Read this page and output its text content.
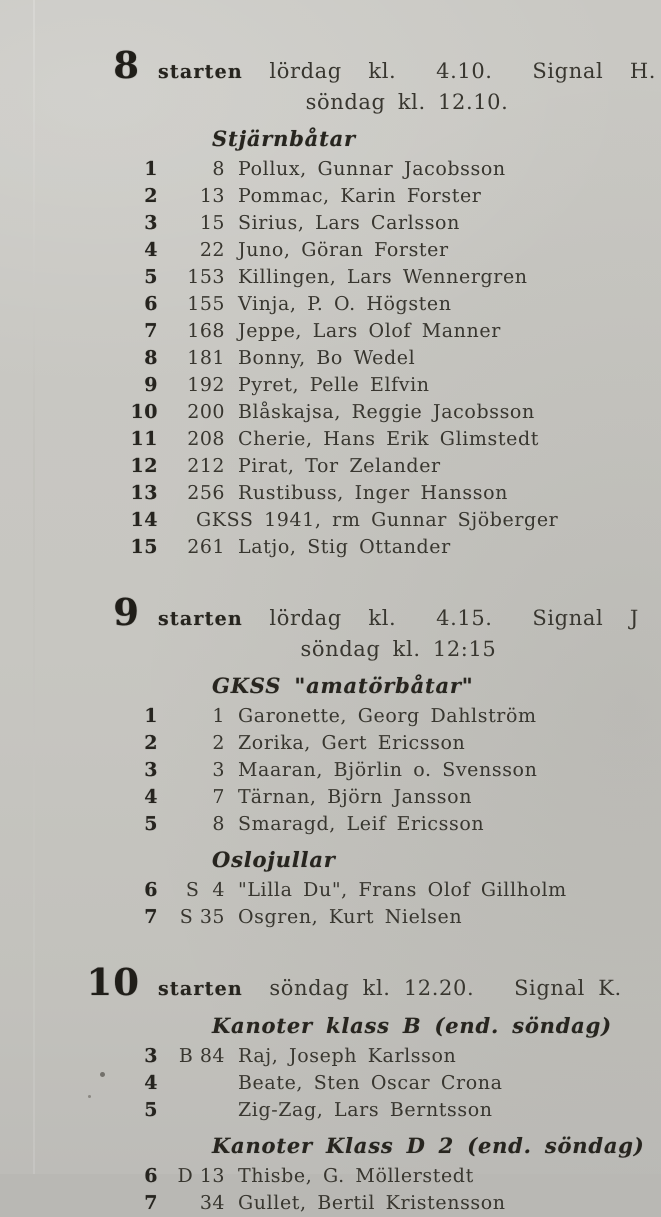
8 starten  lördag  kl.   4.10.   Signal  H.
söndag kl. 12.10.
Stjärnbåtar
1	8 Pollux, Gunnar Jacobsson
2	13 Pommac, Karin Forster
3	15 Sirius, Lars Carlsson
4	22 Juno, Göran Forster
5	153 Killingen, Lars Wennergren
6	155 Vinja, P. O. Högsten
7	168 Jeppe, Lars Olof Manner
8	181 Bonny, Bo Wedel
9	192 Pyret, Pelle Elfvin
10	200 Blåskajsa, Reggie Jacobsson
11	208 Cherie, Hans Erik Glimstedt
12	212 Pirat, Tor Zelander
13	256 Rustibuss, Inger Hansson
14 GKSS 1941, rm Gunnar Sjöberger
15	261 Latjo, Stig Ottander
9 starten  lördag  kl.   4.15.   Signal  J
söndag kl. 12:15
GKSS "amatörbåtar"
1	1 Garonette, Georg Dahlström
2	2 Zorika, Gert Ericsson
3	3 Maaran, Björlin o. Svensson
4	7 Tärnan, Björn Jansson
5	8 Smaragd, Leif Ericsson
Oslojullar
6	S  4 "Lilla Du", Frans Olof Gillholm
7	S 35 Osgren, Kurt Nielsen
10 starten  söndag kl. 12.20.   Signal K.
Kanoter klass B (end. söndag)
3	B 84 Raj, Joseph Karlsson
4	Beate, Sten Oscar Crona
5	Zig-Zag, Lars Berntsson
Kanoter Klass D 2 (end. söndag)
6	D 13 Thisbe, G. Möllerstedt
7	34 Gullet, Bertil Kristensson
